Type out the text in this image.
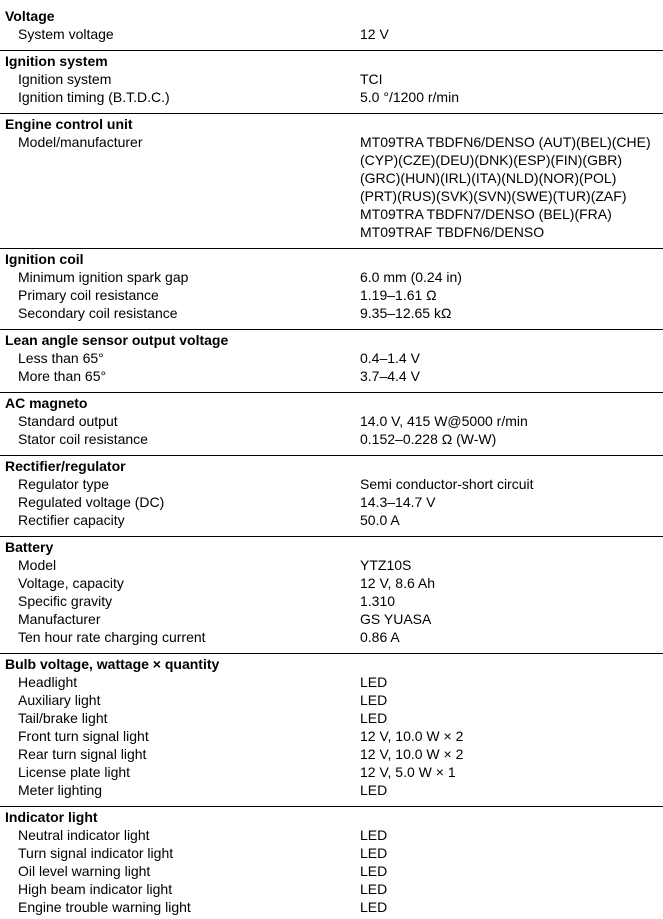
Voltage
System voltage	12 V
Ignition system
Ignition system	TCI
Ignition timing (B.T.D.C.)	5.0 °/1200 r/min
Engine control unit
Model/manufacturer	MT09TRA TBDFN6/DENSO (AUT)(BEL)(CHE)
(CYP)(CZE)(DEU)(DNK)(ESP)(FIN)(GBR)
(GRC)(HUN)(IRL)(ITA)(NLD)(NOR)(POL)
(PRT)(RUS)(SVK)(SVN)(SWE)(TUR)(ZAF)
MT09TRA TBDFN7/DENSO (BEL)(FRA)
MT09TRAF TBDFN6/DENSO
Ignition coil
Minimum ignition spark gap	6.0 mm (0.24 in)
Primary coil resistance	1.19–1.61 Ω
Secondary coil resistance	9.35–12.65 kΩ
Lean angle sensor output voltage
Less than 65°	0.4–1.4 V
More than 65°	3.7–4.4 V
AC magneto
Standard output	14.0 V, 415 W@5000 r/min
Stator coil resistance	0.152–0.228 Ω (W-W)
Rectifier/regulator
Regulator type	Semi conductor-short circuit
Regulated voltage (DC)	14.3–14.7 V
Rectifier capacity	50.0 A
Battery
Model	YTZ10S
Voltage, capacity	12 V, 8.6 Ah
Specific gravity	1.310
Manufacturer	GS YUASA
Ten hour rate charging current	0.86 A
Bulb voltage, wattage × quantity
Headlight	LED
Auxiliary light	LED
Tail/brake light	LED
Front turn signal light	12 V, 10.0 W × 2
Rear turn signal light	12 V, 10.0 W × 2
License plate light	12 V, 5.0 W × 1
Meter lighting	LED
Indicator light
Neutral indicator light	LED
Turn signal indicator light	LED
Oil level warning light	LED
High beam indicator light	LED
Engine trouble warning light	LED
